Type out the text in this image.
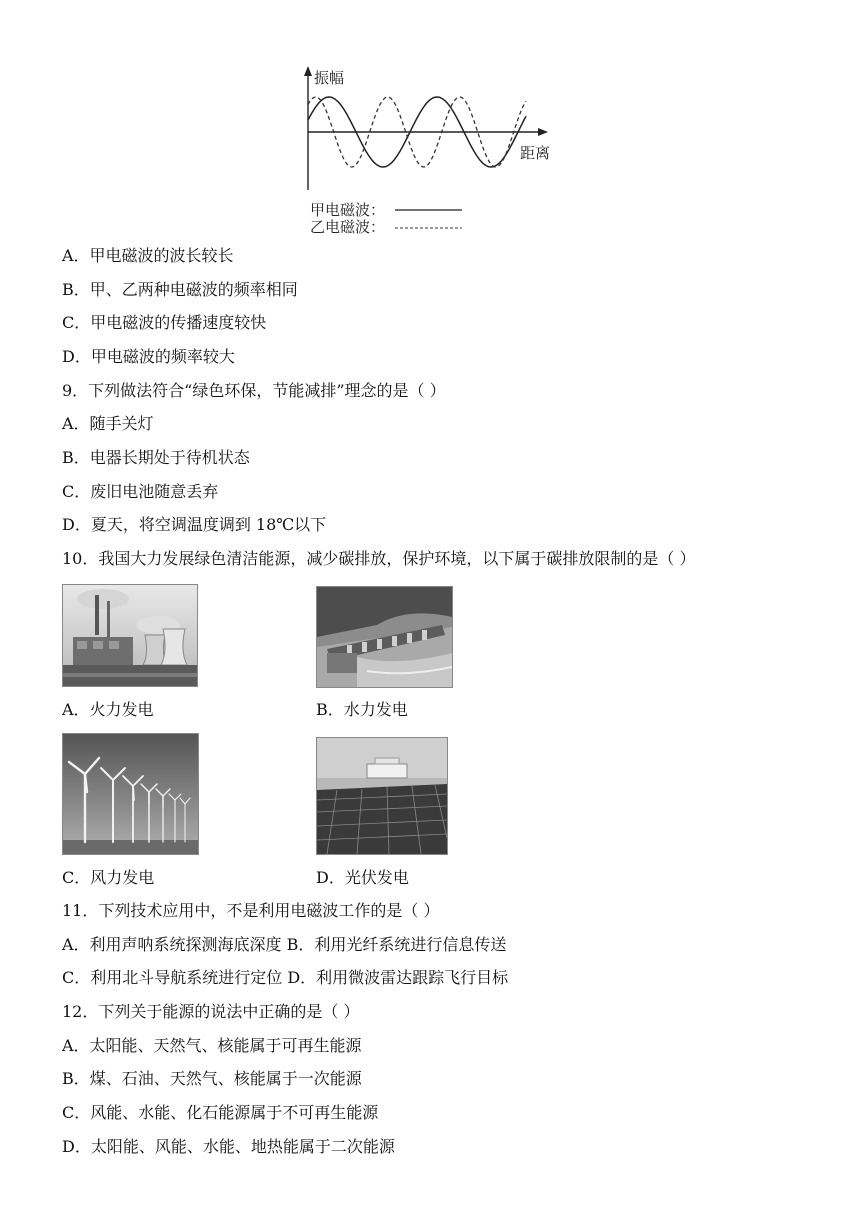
振幅
距离
甲电磁波：
乙电磁波：
A．甲电磁波的波长较长
B．甲、乙两种电磁波的频率相同
C．甲电磁波的传播速度较快
D．甲电磁波的频率较大
9．下列做法符合“绿色环保，节能减排”理念的是（ ）
A．随手关灯
B．电器长期处于待机状态
C．废旧电池随意丢弃
D．夏天，将空调温度调到 18℃以下
10．我国大力发展绿色清洁能源，减少碳排放，保护环境，以下属于碳排放限制的是（ ）
A．火力发电	B．水力发电
C．风力发电	D．光伏发电
11．下列技术应用中，不是利用电磁波工作的是（ ）
A．利用声呐系统探测海底深度 B．利用光纤系统进行信息传送
C．利用北斗导航系统进行定位 D．利用微波雷达跟踪飞行目标
12．下列关于能源的说法中正确的是（ ）
A．太阳能、天然气、核能属于可再生能源
B．煤、石油、天然气、核能属于一次能源
C．风能、水能、化石能源属于不可再生能源
D．太阳能、风能、水能、地热能属于二次能源
